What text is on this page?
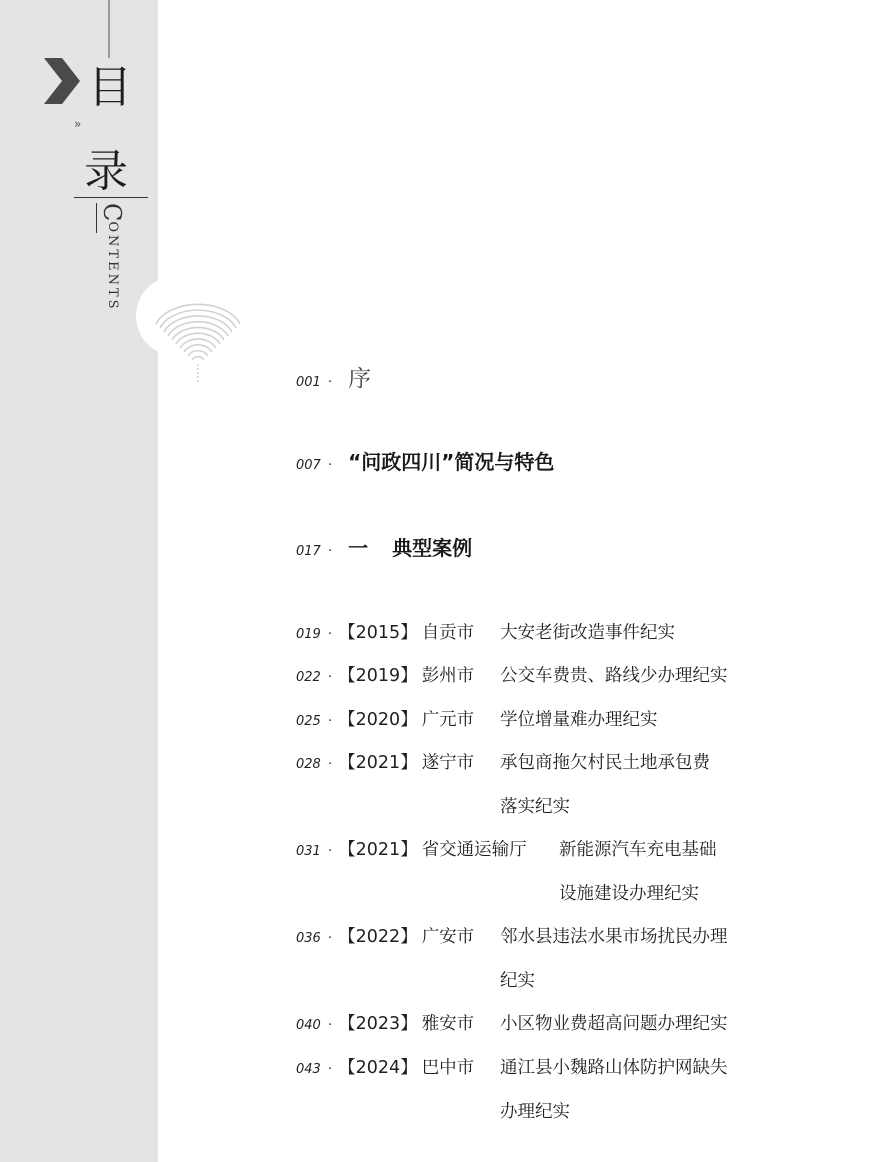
目
»
录
CONTENTS
001 · 序
007 · “问政四川”简况与特色
017 · 一 典型案例
019 · 【2015】 自贡市 大安老街改造事件纪实
022 · 【2019】 彭州市 公交车费贵、路线少办理纪实
025 · 【2020】 广元市 学位增量难办理纪实
028 · 【2021】 遂宁市 承包商拖欠村民土地承包费
落实纪实
031 · 【2021】 省交通运输厅 新能源汽车充电基础
设施建设办理纪实
036 · 【2022】 广安市 邻水县违法水果市场扰民办理
纪实
040 · 【2023】 雅安市 小区物业费超高问题办理纪实
043 · 【2024】 巴中市 通江县小魏路山体防护网缺失
办理纪实
